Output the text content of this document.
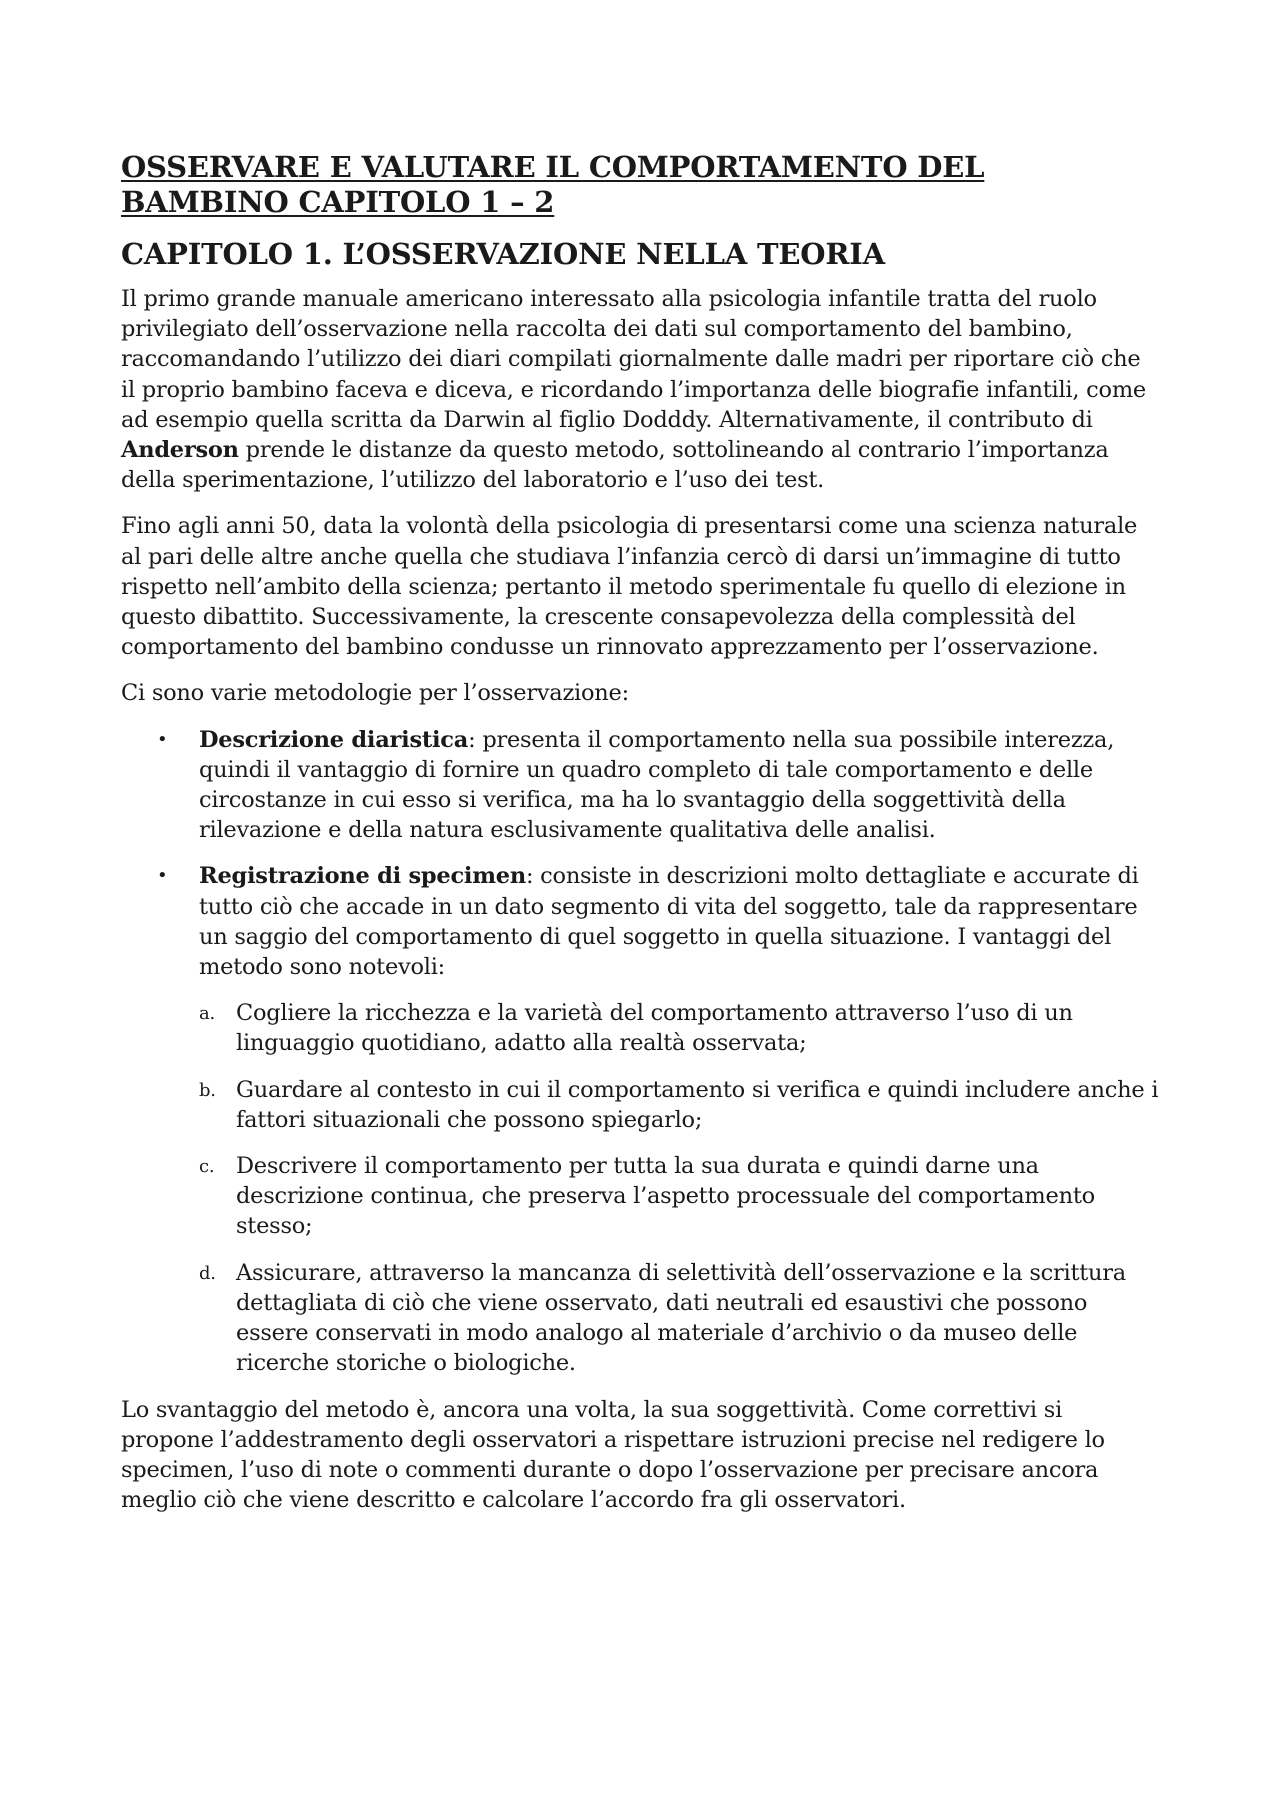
OSSERVARE E VALUTARE IL COMPORTAMENTO DEL
BAMBINO CAPITOLO 1 – 2
CAPITOLO 1. L’OSSERVAZIONE NELLA TEORIA

Il primo grande manuale americano interessato alla psicologia infantile tratta del ruolo privilegiato dell’osservazione nella raccolta dei dati sul comportamento del bambino, raccomandando l’utilizzo dei diari compilati giornalmente dalle madri per riportare ciò che il proprio bambino faceva e diceva, e ricordando l’importanza delle biografie infantili, come ad esempio quella scritta da Darwin al figlio Dodddy. Alternativamente, il contributo di Anderson prende le distanze da questo metodo, sottolineando al contrario l’importanza della sperimentazione, l’utilizzo del laboratorio e l’uso dei test.

Fino agli anni 50, data la volontà della psicologia di presentarsi come una scienza naturale al pari delle altre anche quella che studiava l’infanzia cercò di darsi un’immagine di tutto rispetto nell’ambito della scienza; pertanto il metodo sperimentale fu quello di elezione in questo dibattito. Successivamente, la crescente consapevolezza della complessità del comportamento del bambino condusse un rinnovato apprezzamento per l’osservazione.

Ci sono varie metodologie per l’osservazione:

• Descrizione diaristica: presenta il comportamento nella sua possibile interezza, quindi il vantaggio di fornire un quadro completo di tale comportamento e delle circostanze in cui esso si verifica, ma ha lo svantaggio della soggettività della rilevazione e della natura esclusivamente qualitativa delle analisi.
• Registrazione di specimen: consiste in descrizioni molto dettagliate e accurate di tutto ciò che accade in un dato segmento di vita del soggetto, tale da rappresentare un saggio del comportamento di quel soggetto in quella situazione. I vantaggi del metodo sono notevoli:
a. Cogliere la ricchezza e la varietà del comportamento attraverso l’uso di un linguaggio quotidiano, adatto alla realtà osservata;
b. Guardare al contesto in cui il comportamento si verifica e quindi includere anche i fattori situazionali che possono spiegarlo;
c. Descrivere il comportamento per tutta la sua durata e quindi darne una descrizione continua, che preserva l’aspetto processuale del comportamento stesso;
d. Assicurare, attraverso la mancanza di selettività dell’osservazione e la scrittura dettagliata di ciò che viene osservato, dati neutrali ed esaustivi che possono essere conservati in modo analogo al materiale d’archivio o da museo delle ricerche storiche o biologiche.

Lo svantaggio del metodo è, ancora una volta, la sua soggettività. Come correttivi si propone l’addestramento degli osservatori a rispettare istruzioni precise nel redigere lo specimen, l’uso di note o commenti durante o dopo l’osservazione per precisare ancora meglio ciò che viene descritto e calcolare l’accordo fra gli osservatori.
